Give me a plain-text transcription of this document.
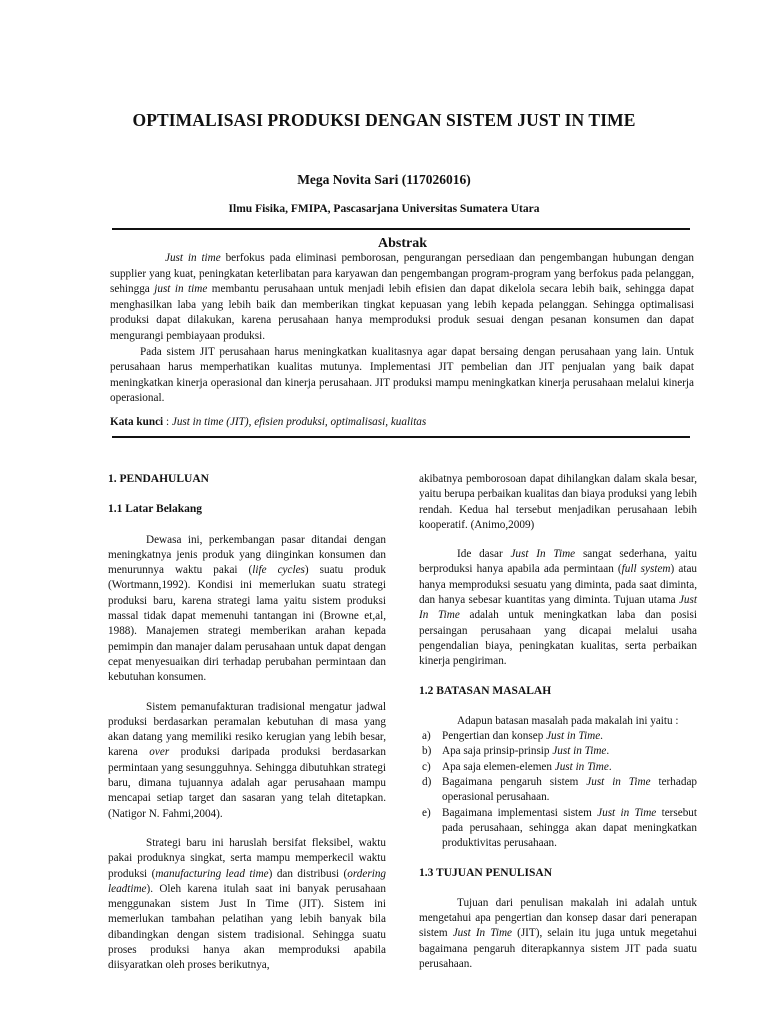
OPTIMALISASI PRODUKSI DENGAN SISTEM JUST IN TIME
Mega Novita Sari (117026016)
Ilmu Fisika, FMIPA, Pascasarjana Universitas Sumatera Utara
Abstrak

Just in time berfokus pada eliminasi pemborosan, pengurangan persediaan dan pengembangan hubungan dengan supplier yang kuat, peningkatan keterlibatan para karyawan dan pengembangan program-program yang berfokus pada pelanggan, sehingga just in time membantu perusahaan untuk menjadi lebih efisien dan dapat dikelola secara lebih baik, sehingga dapat menghasilkan laba yang lebih baik dan memberikan tingkat kepuasan yang lebih kepada pelanggan. Sehingga optimalisasi produksi dapat dilakukan, karena perusahaan hanya memproduksi produk sesuai dengan pesanan konsumen dan dapat mengurangi pembiayaan produksi.

Pada sistem JIT perusahaan harus meningkatkan kualitasnya agar dapat bersaing dengan perusahaan yang lain. Untuk perusahaan harus memperhatikan kualitas mutunya. Implementasi JIT pembelian dan JIT penjualan yang baik dapat meningkatkan kinerja operasional dan kinerja perusahaan. JIT produksi mampu meningkatkan kinerja perusahaan melalui kinerja operasional.

Kata kunci : Just in time (JIT), efisien produksi, optimalisasi, kualitas
1. PENDAHULUAN
1.1 Latar Belakang

Dewasa ini, perkembangan pasar ditandai dengan meningkatnya jenis produk yang diinginkan konsumen dan menurunnya waktu pakai (life cycles) suatu produk (Wortmann,1992). Kondisi ini memerlukan suatu strategi produksi baru, karena strategi lama yaitu sistem produksi massal tidak dapat memenuhi tantangan ini (Browne et,al, 1988). Manajemen strategi memberikan arahan kepada pemimpin dan manajer dalam perusahaan untuk dapat dengan cepat menyesuaikan diri terhadap perubahan permintaan dan kebutuhan konsumen.

Sistem pemanufakturan tradisional mengatur jadwal produksi berdasarkan peramalan kebutuhan di masa yang akan datang yang memiliki resiko kerugian yang lebih besar, karena over produksi daripada produksi berdasarkan permintaan yang sesungguhnya. Sehingga dibutuhkan strategi baru, dimana tujuannya adalah agar perusahaan mampu mencapai setiap target dan sasaran yang telah ditetapkan. (Natigor N. Fahmi,2004).

Strategi baru ini haruslah bersifat fleksibel, waktu pakai produknya singkat, serta mampu memperkecil waktu produksi (manufacturing lead time) dan distribusi (ordering leadtime). Oleh karena itulah saat ini banyak perusahaan menggunakan sistem Just In Time (JIT). Sistem ini memerlukan tambahan pelatihan yang lebih banyak bila dibandingkan dengan sistem tradisional. Sehingga suatu proses produksi hanya akan memproduksi apabila diisyaratkan oleh proses berikutnya,

akibatnya pemborosoan dapat dihilangkan dalam skala besar, yaitu berupa perbaikan kualitas dan biaya produksi yang lebih rendah. Kedua hal tersebut menjadikan perusahaan lebih kooperatif. (Animo,2009)

Ide dasar Just In Time sangat sederhana, yaitu berproduksi hanya apabila ada permintaan (full system) atau hanya memproduksi sesuatu yang diminta, pada saat diminta, dan hanya sebesar kuantitas yang diminta. Tujuan utama Just In Time adalah untuk meningkatkan laba dan posisi persaingan perusahaan yang dicapai melalui usaha pengendalian biaya, peningkatan kualitas, serta perbaikan kinerja pengiriman.

1.2 BATASAN MASALAH

Adapun batasan masalah pada makalah ini yaitu :

a) Pengertian dan konsep Just in Time.
b) Apa saja prinsip-prinsip Just in Time.
c) Apa saja elemen-elemen Just in Time.
d) Bagaimana pengaruh sistem Just in Time terhadap operasional perusahaan.
e) Bagaimana implementasi sistem Just in Time tersebut pada perusahaan, sehingga akan dapat meningkatkan produktivitas perusahaan.
1.3 TUJUAN PENULISAN

Tujuan dari penulisan makalah ini adalah untuk mengetahui apa pengertian dan konsep dasar dari penerapan sistem Just In Time (JIT), selain itu juga untuk megetahui bagaimana pengaruh diterapkannya sistem JIT pada suatu perusahaan.
